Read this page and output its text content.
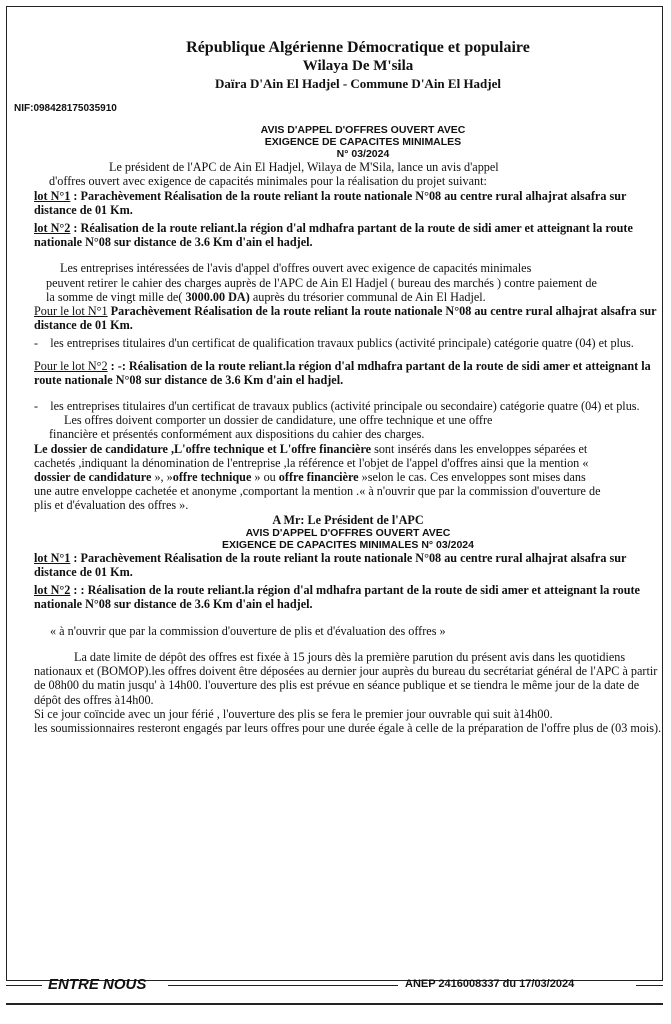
République Algérienne Démocratique et populaire
Wilaya De M'sila
Daïra D'Ain El Hadjel - Commune D'Ain El Hadjel
NIF:098428175035910
AVIS D'APPEL D'OFFRES OUVERT AVEC
EXIGENCE DE CAPACITES MINIMALES
N° 03/2024

Le président de l'APC de Ain El Hadjel, Wilaya de M'Sila, lance un avis d'appel

d'offres ouvert avec exigence de capacités minimales pour la réalisation du projet suivant:

lot N°1 : Parachèvement Réalisation de la route reliant la route nationale N°08 au centre rural alhajrat alsafra sur distance de 01 Km.

lot N°2 : Réalisation de la route reliant.la région d'al mdhafra partant de la route de sidi amer et atteignant la route nationale N°08 sur distance de 3.6 Km d'ain el hadjel.

Les entreprises intéressées de l'avis d'appel d'offres ouvert avec exigence de capacités minimales

peuvent retirer le cahier des charges auprès de l'APC de Ain El Hadjel ( bureau des marchés ) contre paiement de

la somme de vingt mille de( 3000.00 DA) auprès du trésorier communal de Ain El Hadjel.

Pour le lot N°1 Parachèvement Réalisation de la route reliant la route nationale N°08 au centre rural alhajrat alsafra sur distance de 01 Km.

-    les entreprises titulaires d'un certificat de qualification travaux publics (activité principale) catégorie quatre (04) et plus.

Pour le lot N°2 : -: Réalisation de la route reliant.la région d'al mdhafra partant de la route de sidi amer et atteignant la route nationale N°08 sur distance de 3.6 Km d'ain el hadjel.

-    les entreprises titulaires d'un certificat de travaux publics (activité principale ou secondaire) catégorie quatre (04) et plus.

Les offres doivent comporter un dossier de candidature, une offre technique et une offre

financière et présentés conformément aux dispositions du cahier des charges.

Le dossier de candidature ,L'offre technique et L'offre financière sont insérés dans les enveloppes séparées et cachetés ,indiquant la dénomination de l'entreprise ,la référence et l'objet de l'appel d'offres ainsi que la mention « dossier de candidature », »offre technique » ou offre financière »selon le cas. Ces enveloppes sont mises dans une autre enveloppe cachetée et anonyme ,comportant la mention .« à n'ouvrir que par la commission d'ouverture de plis et d'évaluation des offres ».

A Mr: Le Président de l'APC
AVIS D'APPEL D'OFFRES OUVERT AVEC
EXIGENCE DE CAPACITES MINIMALES N° 03/2024

lot N°1 : Parachèvement Réalisation de la route reliant la route nationale N°08 au centre rural alhajrat alsafra sur distance de 01 Km.

lot N°2 : : Réalisation de la route reliant.la région d'al mdhafra partant de la route de sidi amer et atteignant la route nationale N°08 sur distance de 3.6 Km d'ain el hadjel.

« à n'ouvrir que par la commission d'ouverture de plis et d'évaluation des offres »

La date limite de dépôt des offres est fixée à 15 jours dès la première parution du présent avis dans les quotidiens nationaux et (BOMOP).les offres doivent être déposées au dernier jour auprès du bureau du secrétariat général de l'APC à partir de 08h00 du matin jusqu' à 14h00. l'ouverture des plis est prévue en séance publique et se tiendra le même jour de la date de dépôt des offres à14h00.

Si ce jour coïncide avec un jour férié , l'ouverture des plis se fera le premier jour ouvrable qui suit à14h00.

les soumissionnaires resteront engagés par leurs offres pour une durée égale à celle de la préparation de l'offre plus de (03 mois).

ENTRE NOUS	ANEP 2416008337 du 17/03/2024
